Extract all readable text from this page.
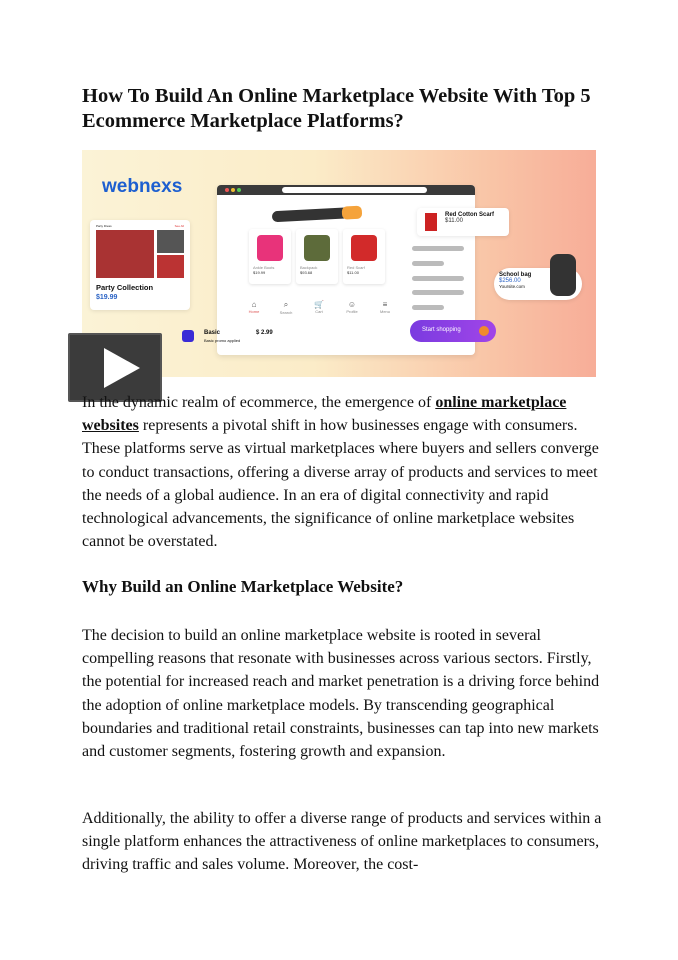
How To Build An Online Marketplace Website With Top 5 Ecommerce Marketplace Platforms?
webnexs
Party Dress	See All
Party Collection
$19.99
Ankle Boots
$19.99
Backpack
$93.68
Red Scarf
$11.00
⌂
Home
⌕
Search
🛒
Cart
☺
Profile
≡
Menu
Red Cotton Scarf
$11.00
School bag
$256.00
Yoursite.com
Basic	$ 2.99
Basic promo applied
Start shopping

In the dynamic realm of ecommerce, the emergence of online marketplace websites represents a pivotal shift in how businesses engage with consumers. These platforms serve as virtual marketplaces where buyers and sellers converge to conduct transactions, offering a diverse array of products and services to meet the needs of a global audience. In an era of digital connectivity and rapid technological advancements, the significance of online marketplace websites cannot be overstated.

Why Build an Online Marketplace Website?

The decision to build an online marketplace website is rooted in several compelling reasons that resonate with businesses across various sectors. Firstly, the potential for increased reach and market penetration is a driving force behind the adoption of online marketplace models. By transcending geographical boundaries and traditional retail constraints, businesses can tap into new markets and customer segments, fostering growth and expansion.

Additionally, the ability to offer a diverse range of products and services within a single platform enhances the attractiveness of online marketplaces to consumers, driving traffic and sales volume. Moreover, the cost-
